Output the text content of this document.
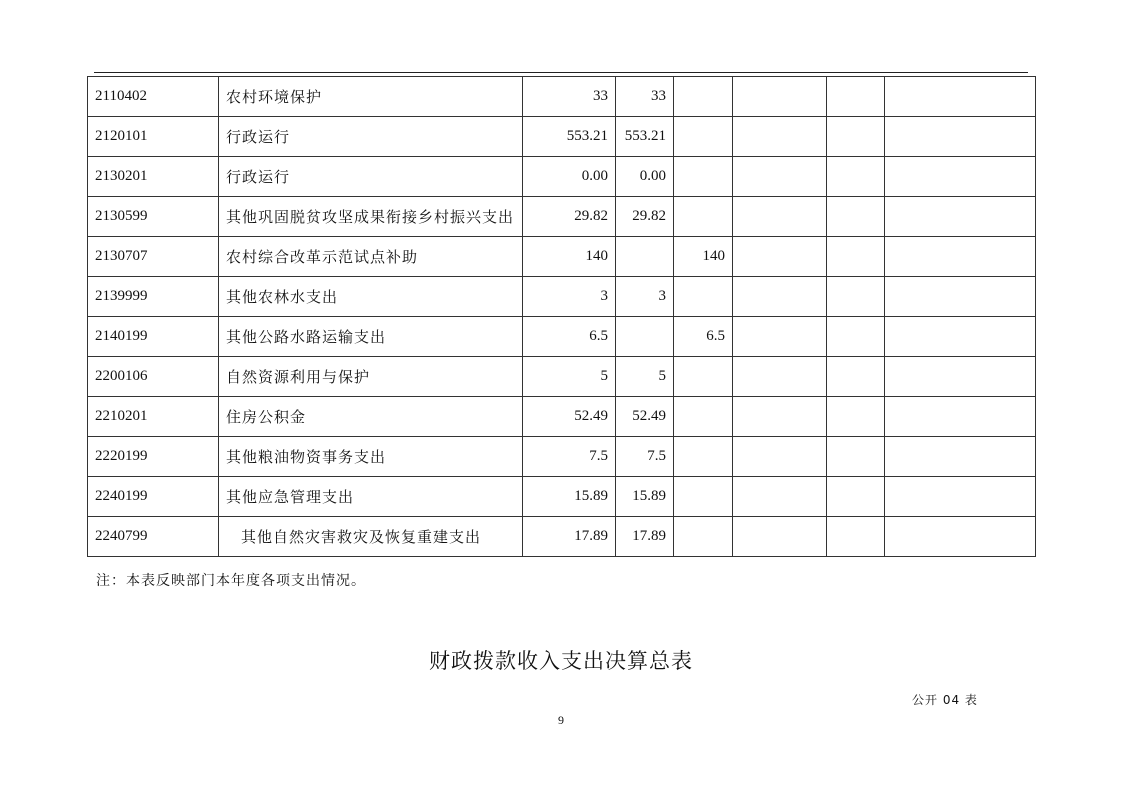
2110402	农村环境保护	33	33				
2120101	行政运行	553.21	553.21				
2130201	行政运行	0.00	0.00				
2130599	其他巩固脱贫攻坚成果衔接乡村振兴支出	29.82	29.82				
2130707	农村综合改革示范试点补助	140		140			
2139999	其他农林水支出	3	3				
2140199	其他公路水路运输支出	6.5		6.5			
2200106	自然资源利用与保护	5	5				
2210201	住房公积金	52.49	52.49				
2220199	其他粮油物资事务支出	7.5	7.5				
2240199	其他应急管理支出	15.89	15.89				
2240799	其他自然灾害救灾及恢复重建支出	17.89	17.89				
注：本表反映部门本年度各项支出情况。
财政拨款收入支出决算总表
公开 04 表
9
